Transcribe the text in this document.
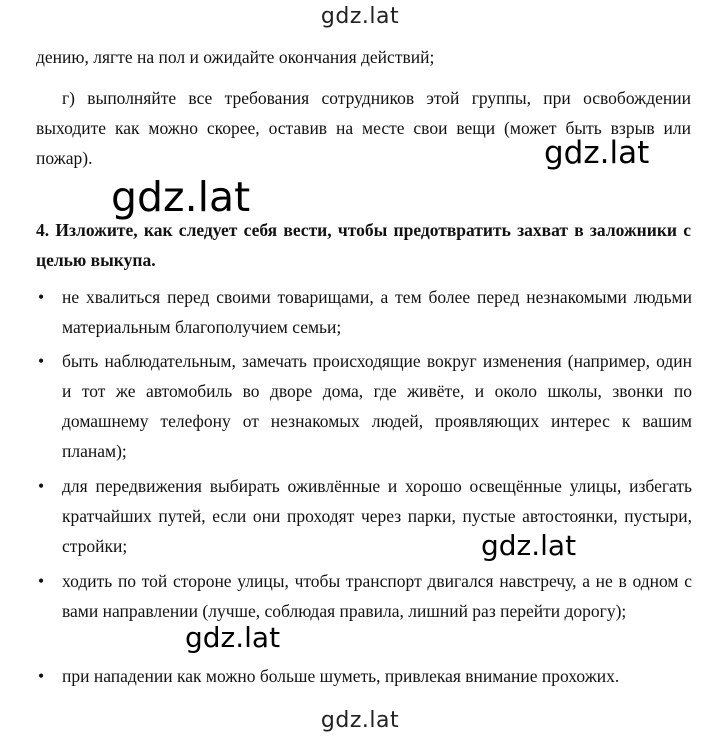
gdz.lat
дению, лягте на пол и ожидайте окончания действий;
г) выполняйте все требования сотрудников этой группы, при освобождении выходите как можно скорее, оставив на месте свои вещи (может быть взрыв или пожар).	gdz.lat
gdz.lat
4. Изложите, как следует себя вести, чтобы предотвратить захват в заложники с целью выкупа.
• не хвалиться перед своими товарищами, а тем более перед незнакомыми людьми материальным благополучием семьи;
• быть наблюдательным, замечать происходящие вокруг изменения (например, один и тот же автомобиль во дворе дома, где живёте, и около школы, звонки по домашнему телефону от незнакомых людей, проявляющих интерес к вашим планам);
• для передвижения выбирать оживлённые и хорошо освещённые улицы, избегать кратчайших путей, если они проходят через парки, пустые автостоянки, пустыри, стройки;
• ходить по той стороне улицы, чтобы транспорт двигался навстречу, а не в одном с вами направлении (лучше, соблюдая правила, лишний раз перейти дорогу);
• при нападении как можно больше шуметь, привлекая внимание прохожих.
gdz.lat
gdz.lat
gdz.lat
